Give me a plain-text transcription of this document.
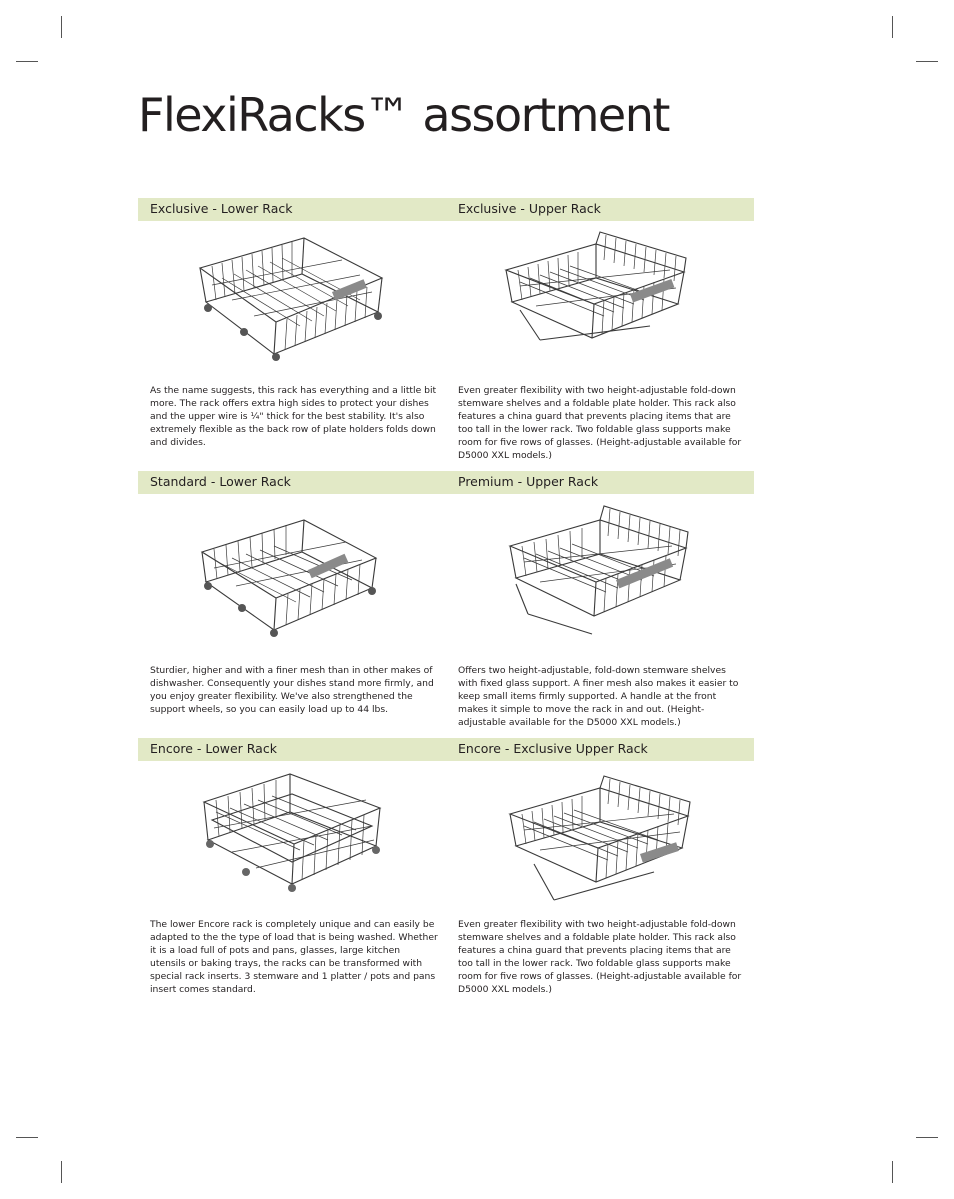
FlexiRacks™ assortment
Exclusive - Lower Rack	Exclusive - Upper Rack

As the name suggests, this rack has everything and a little bit more. The rack offers extra high sides to protect your dishes and the upper wire is ¼" thick for the best stability. It's also extremely flexible as the back row of plate holders folds down and divides.

Even greater flexibility with two height-adjustable fold-down stemware shelves and a foldable plate holder. This rack also features a china guard that prevents placing items that are too tall in the lower rack. Two foldable glass supports make room for five rows of glasses. (Height-adjustable available for D5000 XXL models.)

Standard - Lower Rack	Premium - Upper Rack

Sturdier, higher and with a finer mesh than in other makes of dishwasher. Consequently your dishes stand more firmly, and you enjoy greater flexibility. We've also strengthened the support wheels, so you can easily load up to 44 lbs.

Offers two height-adjustable, fold-down stemware shelves with fixed glass support. A finer mesh also makes it easier to keep small items firmly supported. A handle at the front makes it simple to move the rack in and out. (Height-adjustable available for the D5000 XXL models.)

Encore - Lower Rack	Encore - Exclusive Upper Rack

The lower Encore rack is completely unique and can easily be adapted to the the type of load that is being washed. Whether it is a load full of pots and pans, glasses, large kitchen utensils or baking trays, the racks can be transformed with special rack inserts. 3 stemware and 1 platter / pots and pans insert comes standard.

Even greater flexibility with two height-adjustable fold-down stemware shelves and a foldable plate holder. This rack also features a china guard that prevents placing items that are too tall in the lower rack. Two foldable glass supports make room for five rows of glasses. (Height-adjustable available for D5000 XXL models.)
